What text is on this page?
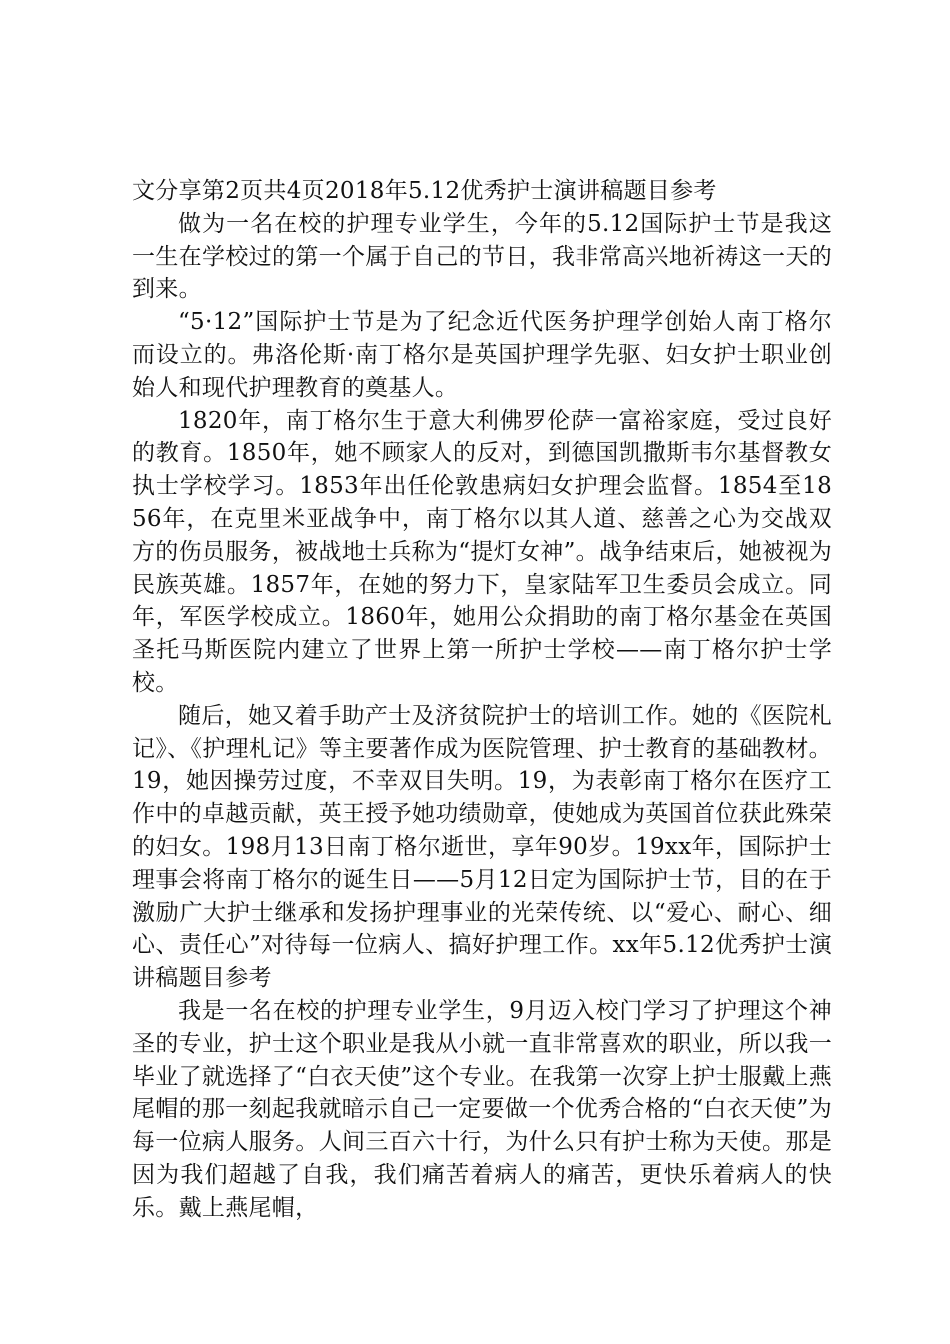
文分享第2页共4页2018年5.12优秀护士演讲稿题目参考

做为一名在校的护理专业学生，今年的5.12国际护士节是我这一生在学校过的第一个属于自己的节日，我非常高兴地祈祷这一天的到来。

“5·12”国际护士节是为了纪念近代医务护理学创始人南丁格尔而设立的。弗洛伦斯·南丁格尔是英国护理学先驱、妇女护士职业创始人和现代护理教育的奠基人。

1820年，南丁格尔生于意大利佛罗伦萨一富裕家庭，受过良好的教育。1850年，她不顾家人的反对，到德国凯撒斯韦尔基督教女执士学校学习。1853年出任伦敦患病妇女护理会监督。1854至1856年，在克里米亚战争中，南丁格尔以其人道、慈善之心为交战双方的伤员服务，被战地士兵称为“提灯女神”。战争结束后，她被视为民族英雄。1857年，在她的努力下，皇家陆军卫生委员会成立。同年，军医学校成立。1860年，她用公众捐助的南丁格尔基金在英国圣托马斯医院内建立了世界上第一所护士学校——南丁格尔护士学校。

随后，她又着手助产士及济贫院护士的培训工作。她的《医院札记》、《护理札记》等主要著作成为医院管理、护士教育的基础教材。19，她因操劳过度，不幸双目失明。19，为表彰南丁格尔在医疗工作中的卓越贡献，英王授予她功绩勋章，使她成为英国首位获此殊荣的妇女。198月13日南丁格尔逝世，享年90岁。19xx年，国际护士理事会将南丁格尔的诞生日——5月12日定为国际护士节，目的在于激励广大护士继承和发扬护理事业的光荣传统、以“爱心、耐心、细心、责任心”对待每一位病人、搞好护理工作。xx年5.12优秀护士演讲稿题目参考

我是一名在校的护理专业学生，9月迈入校门学习了护理这个神圣的专业，护士这个职业是我从小就一直非常喜欢的职业，所以我一毕业了就选择了“白衣天使”这个专业。在我第一次穿上护士服戴上燕尾帽的那一刻起我就暗示自己一定要做一个优秀合格的“白衣天使”为每一位病人服务。人间三百六十行，为什么只有护士称为天使。那是因为我们超越了自我，我们痛苦着病人的痛苦，更快乐着病人的快乐。戴上燕尾帽，
